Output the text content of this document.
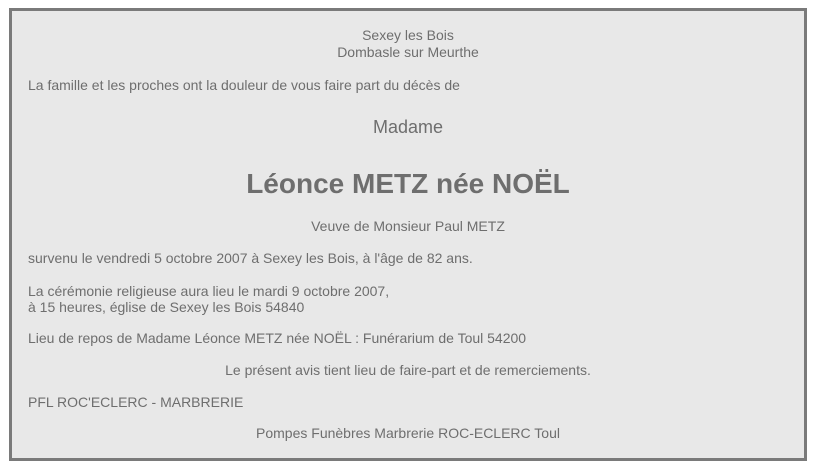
Sexey les Bois
Dombasle sur Meurthe
La famille et les proches ont la douleur de vous faire part du décès de
Madame
Léonce METZ née NOËL
Veuve de Monsieur Paul METZ
survenu le vendredi 5 octobre 2007 à Sexey les Bois, à l'âge de 82 ans.
La cérémonie religieuse aura lieu le mardi 9 octobre 2007,
à 15 heures, église de Sexey les Bois 54840
Lieu de repos de Madame Léonce METZ née NOËL : Funérarium de Toul 54200
Le présent avis tient lieu de faire-part et de remerciements.
PFL ROC'ECLERC - MARBRERIE
Pompes Funèbres Marbrerie ROC-ECLERC Toul
